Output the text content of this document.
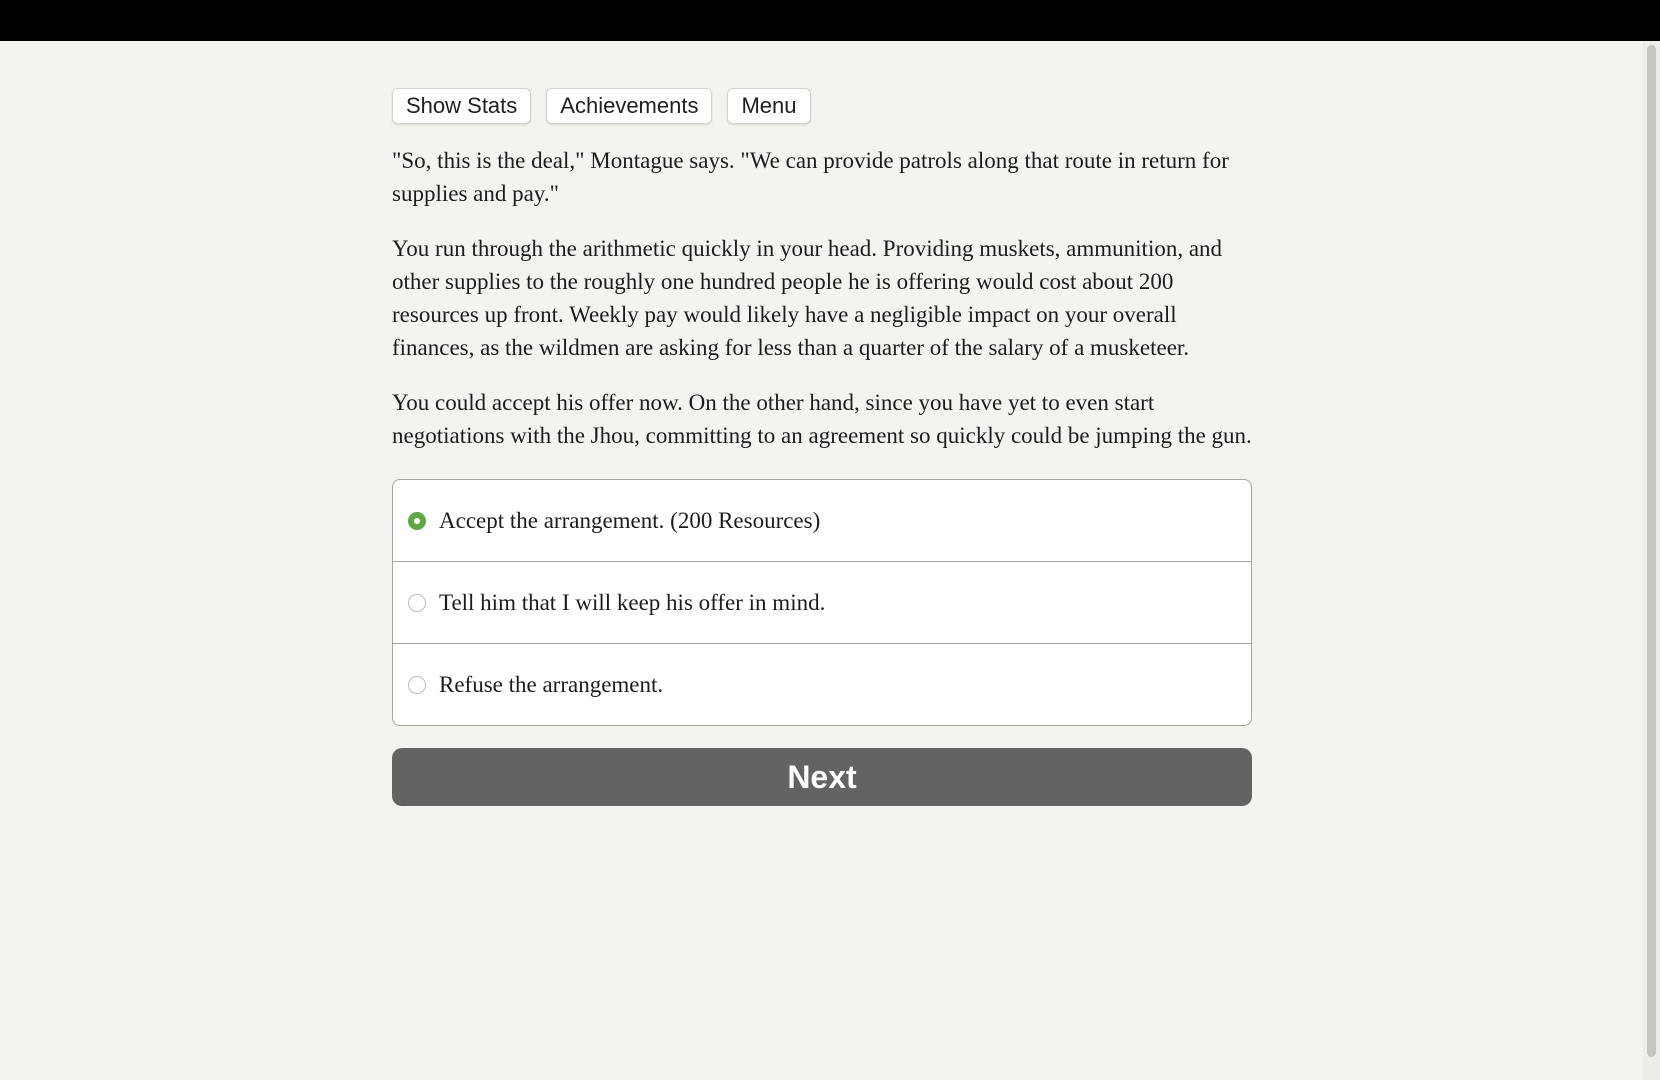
Show Stats	Achievements	Menu

"So, this is the deal," Montague says. "We can provide patrols along that route in return for supplies and pay."

You run through the arithmetic quickly in your head. Providing muskets, ammunition, and other supplies to the roughly one hundred people he is offering would cost about 200 resources up front. Weekly pay would likely have a negligible impact on your overall finances, as the wildmen are asking for less than a quarter of the salary of a musketeer.

You could accept his offer now. On the other hand, since you have yet to even start negotiations with the Jhou, committing to an agreement so quickly could be jumping the gun.

Accept the arrangement. (200 Resources)
Tell him that I will keep his offer in mind.
Refuse the arrangement.
Next
